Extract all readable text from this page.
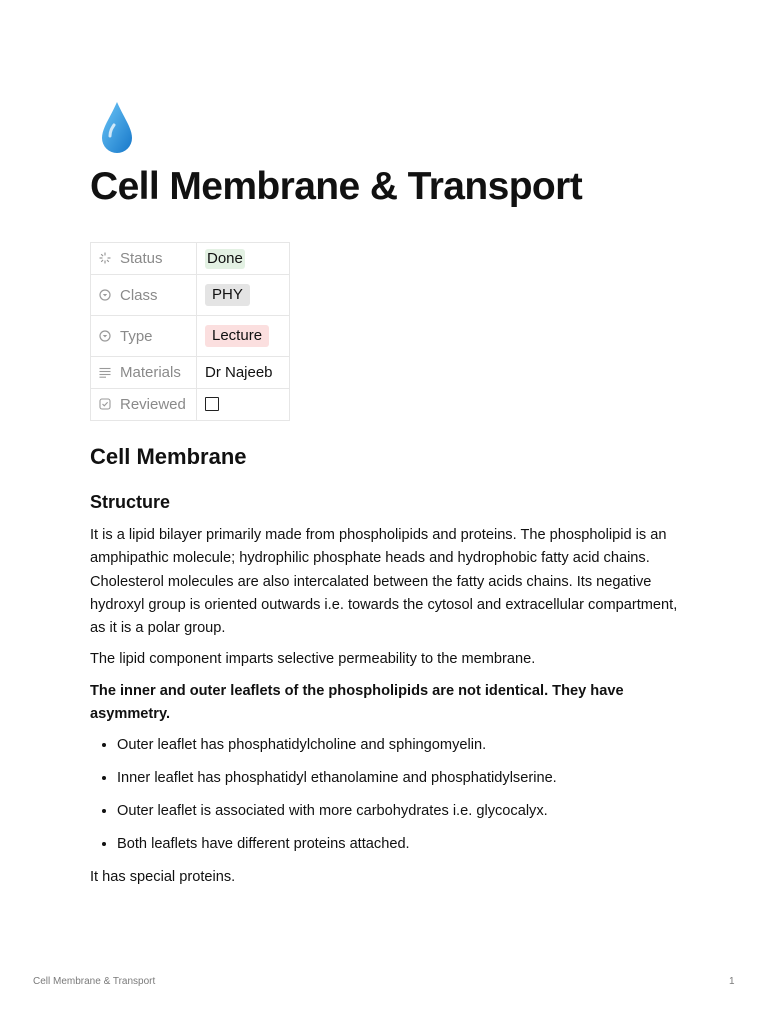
Cell Membrane & Transport
Status	Done

Class	PHY

Type	Lecture

Materials	Dr Najeeb

Reviewed	
Cell Membrane
Structure

It is a lipid bilayer primarily made from phospholipids and proteins. The phospholipid is an amphipathic molecule; hydrophilic phosphate heads and hydrophobic fatty acid chains. Cholesterol molecules are also intercalated between the fatty acids chains. Its negative hydroxyl group is oriented outwards i.e. towards the cytosol and extracellular compartment, as it is a polar group.

The lipid component imparts selective permeability to the membrane.

The inner and outer leaflets of the phospholipids are not identical. They have asymmetry.

• Outer leaflet has phosphatidylcholine and sphingomyelin.
• Inner leaflet has phosphatidyl ethanolamine and phosphatidylserine.
• Outer leaflet is associated with more carbohydrates i.e. glycocalyx.
• Both leaflets have different proteins attached.

It has special proteins.

Cell Membrane & Transport	1
